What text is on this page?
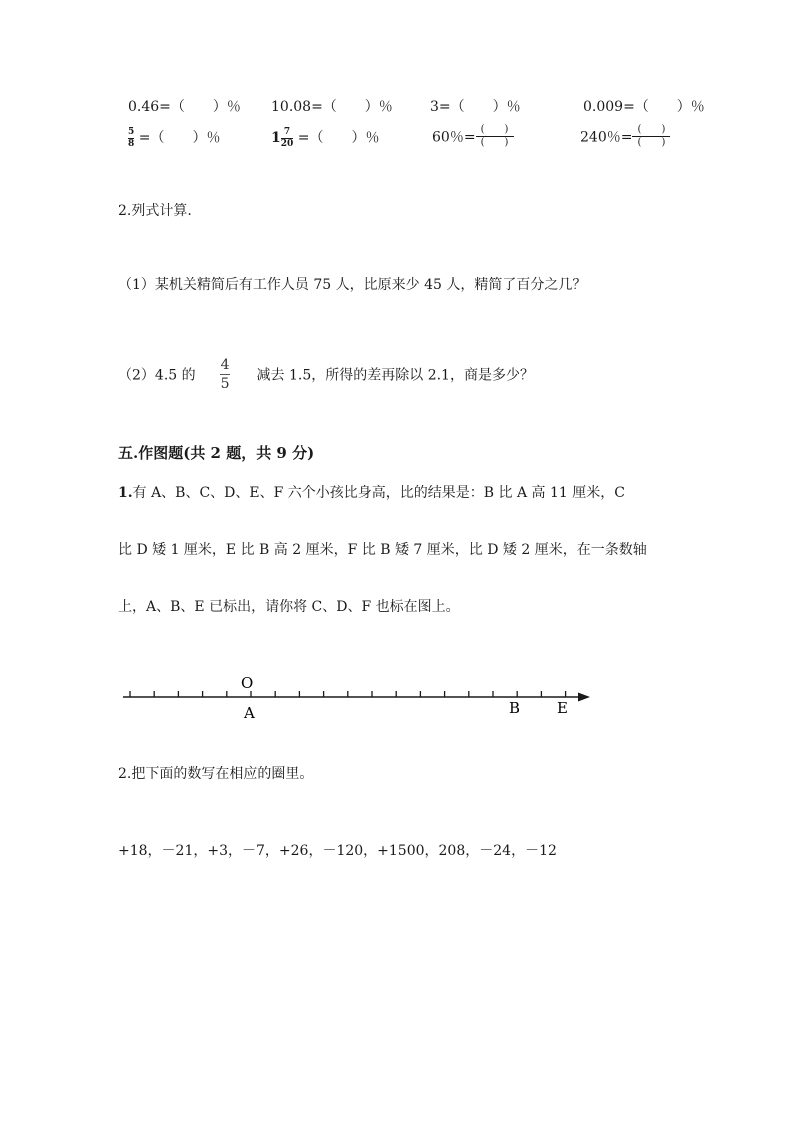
0.46=（　　）％ 10.08=（　　）％	3=（　　）％	0.009=（　　）％
$\frac{5}{8}$ =（　　）％	$1 \frac{7}{20}$ =（　　）％	60％= $\frac{( )}{( )}$	240％= $\frac{( )}{( )}$
2.列式计算.
（1）某机关精简后有工作人员 75 人，比原来少 45 人，精简了百分之几？
（2）4.5 的 $\frac{4}{5}$ 减去 1.5，所得的差再除以 2.1，商是多少？
五.作图题(共 2 题，共 9 分)
1.有 A、B、C、D、E、F 六个小孩比身高，比的结果是：B 比 A 高 11 厘米，C
比 D 矮 1 厘米，E 比 B 高 2 厘米，F 比 B 矮 7 厘米，比 D 矮 2 厘米，在一条数轴
上，A、B、E 已标出，请你将 C、D、F 也标在图上。
O
A	B E
2.把下面的数写在相应的圈里。
+18，－21，+3，－7，+26，－120，+1500，208，－24，－12
